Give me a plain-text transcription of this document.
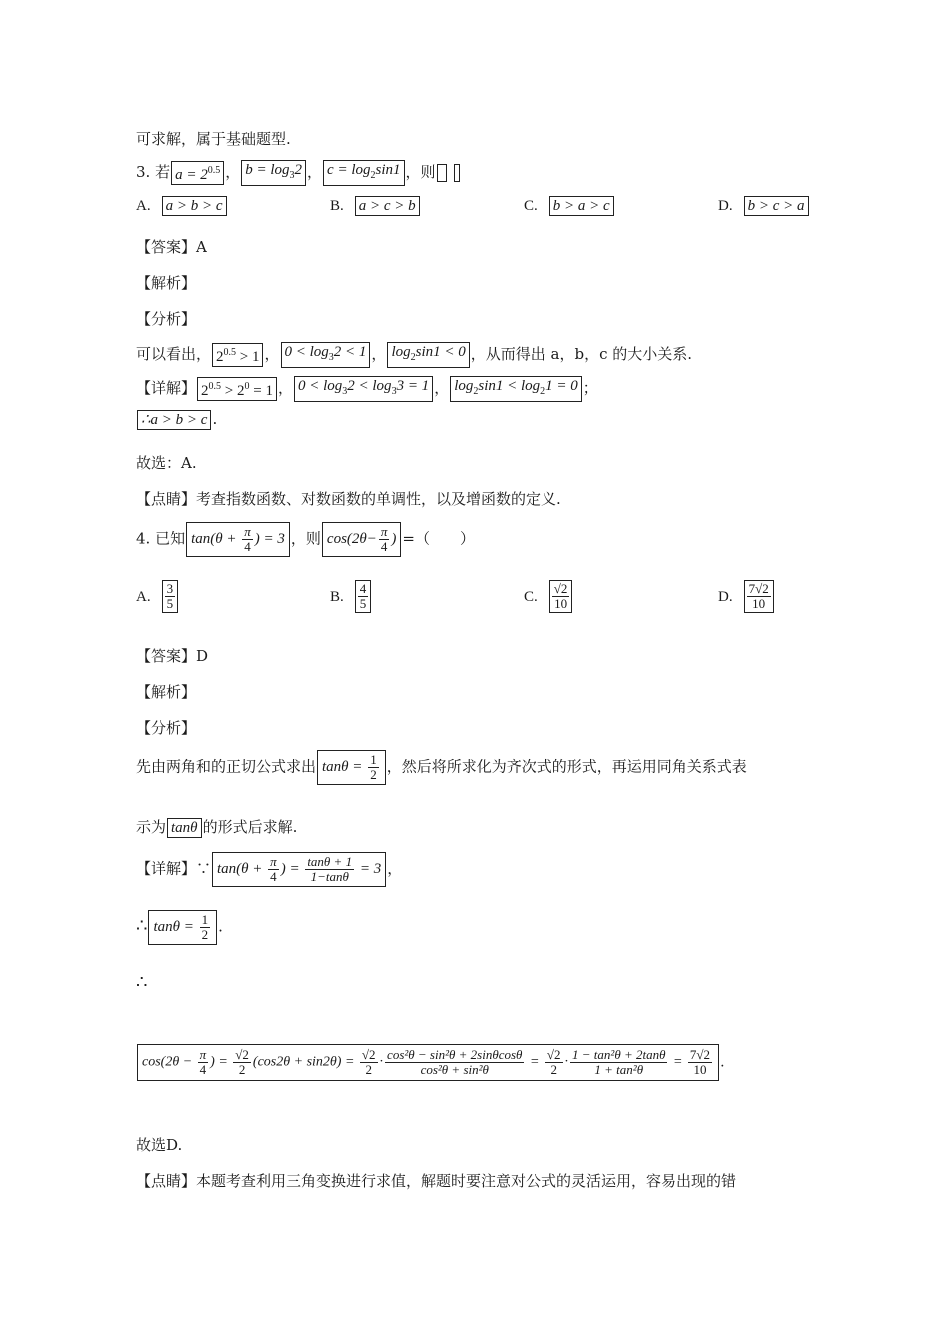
可求解，属于基础题型.
3. 若 $a = 2^{0.5}$ ， $b = \log_32$ ， $c = \log_2\sin 1$ ，则
A. a > b > c	B. a > c > b	C. b > a > c	D. b > c > a
【答案】A
【解析】
【分析】
可以看出， $2^{0.5} > 1$ ， $0 < \log_32 < 1$ ， $\log_2\sin 1 < 0$ ，从而得出 a，b，c 的大小关系.
【详解】 $2^{0.5} > 2^0 = 1$ ， $0 < \log_32 < \log_33 = 1$ ， $\log_2\sin 1 < \log_21 = 0$ ；
∴a > b > c .
故选：A.
【点睛】考查指数函数、对数函数的单调性，以及增函数的定义.
4. 已知 $\tan(\theta + \frac{\pi}{4}$ ) = 3 ，则 $\cos(2\theta- \frac{\pi}{4}$ ) =（　　）
A. $\frac{3}{5}$	B. $\frac{4}{5}$	C. $\frac{√2}{10}$	D. $\frac{7√2}{10}$
【答案】D
【解析】
【分析】
先由两角和的正切公式求出 $\tan\theta = \frac{1}{2}$ ，然后将所求化为齐次式的形式，再运用同角关系式表
示为 tanθ 的形式后求解.
【详解】∵ $\tan(\theta + \frac{\pi}{4}$ ) = $\frac{\tan\theta + 1}{1-\tan\theta} = 3$ ，
∴ $\tan\theta = \frac{1}{2}$ .
∴
$\cos(2\theta - \frac{\pi}{4}$ ) = $\frac{√2}{2} (\cos 2\theta + \sin 2\theta) = \frac{√2}{2} \cdot \frac{\text{cos²θ − sin²θ + 2sinθcosθ}}{\text{cos²θ + sin²θ}} = \frac{√2}{2} \cdot \frac{\text{1 − tan²θ + 2tanθ}}{\text{1 + tan²θ}} = \frac{7√2}{10}$ .
故选D.
【点睛】本题考查利用三角变换进行求值，解题时要注意对公式的灵活运用，容易出现的错
